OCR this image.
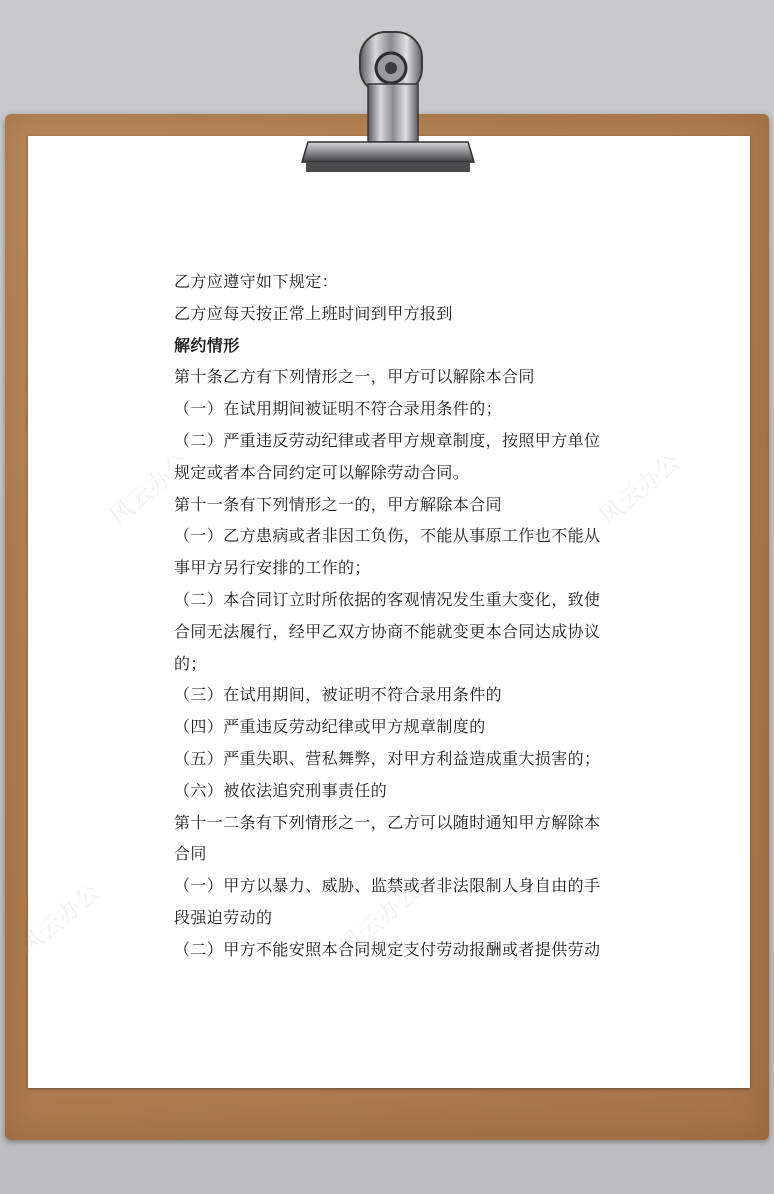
乙方应遵守如下规定：
乙方应每天按正常上班时间到甲方报到
解约情形
第十条乙方有下列情形之一，甲方可以解除本合同
（一）在试用期间被证明不符合录用条件的；
（二）严重违反劳动纪律或者甲方规章制度，按照甲方单位
规定或者本合同约定可以解除劳动合同。
第十一条有下列情形之一的，甲方解除本合同
（一）乙方患病或者非因工负伤，不能从事原工作也不能从
事甲方另行安排的工作的；
（二）本合同订立时所依据的客观情况发生重大变化，致使
合同无法履行，经甲乙双方协商不能就变更本合同达成协议
的；
（三）在试用期间，被证明不符合录用条件的
（四）严重违反劳动纪律或甲方规章制度的
（五）严重失职、营私舞弊，对甲方利益造成重大损害的；
（六）被依法追究刑事责任的
第十一二条有下列情形之一，乙方可以随时通知甲方解除本
合同
（一）甲方以暴力、威胁、监禁或者非法限制人身自由的手
段强迫劳动的
（二）甲方不能安照本合同规定支付劳动报酬或者提供劳动
